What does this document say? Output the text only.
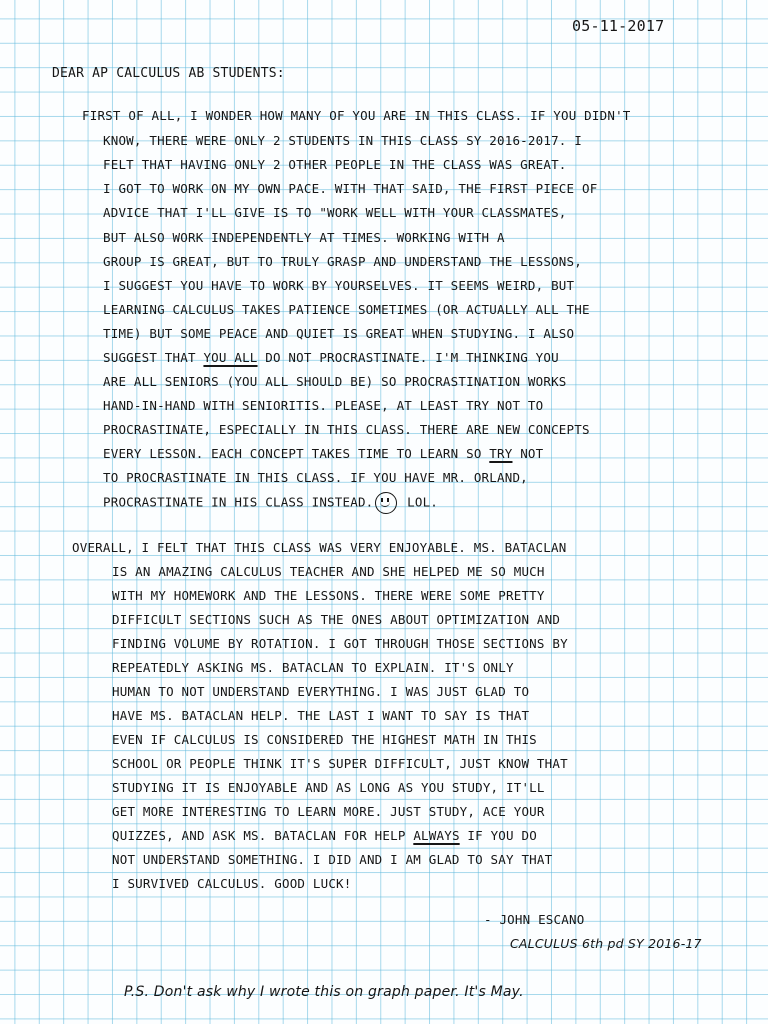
05-11-2017
DEAR AP CALCULUS AB STUDENTS:
FIRST OF ALL, I WONDER HOW MANY OF YOU ARE IN THIS CLASS. IF YOU DIDN'T
KNOW, THERE WERE ONLY 2 STUDENTS IN THIS CLASS SY 2016-2017. I
FELT THAT HAVING ONLY 2 OTHER PEOPLE IN THE CLASS WAS GREAT.
I GOT TO WORK ON MY OWN PACE. WITH THAT SAID, THE FIRST PIECE OF
ADVICE THAT I'LL GIVE IS TO "WORK WELL WITH YOUR CLASSMATES,
BUT ALSO WORK INDEPENDENTLY AT TIMES. WORKING WITH A
GROUP IS GREAT, BUT TO TRULY GRASP AND UNDERSTAND THE LESSONS,
I SUGGEST YOU HAVE TO WORK BY YOURSELVES. IT SEEMS WEIRD, BUT
LEARNING CALCULUS TAKES PATIENCE SOMETIMES (OR ACTUALLY ALL THE
TIME) BUT SOME PEACE AND QUIET IS GREAT WHEN STUDYING. I ALSO
SUGGEST THAT YOU ALL DO NOT PROCRASTINATE. I'M THINKING YOU
ARE ALL SENIORS (YOU ALL SHOULD BE) SO PROCRASTINATION WORKS
HAND-IN-HAND WITH SENIORITIS. PLEASE, AT LEAST TRY NOT TO
PROCRASTINATE, ESPECIALLY IN THIS CLASS. THERE ARE NEW CONCEPTS
EVERY LESSON. EACH CONCEPT TAKES TIME TO LEARN SO TRY NOT
TO PROCRASTINATE IN THIS CLASS. IF YOU HAVE MR. ORLAND,
PROCRASTINATE IN HIS CLASS INSTEAD. LOL.
OVERALL, I FELT THAT THIS CLASS WAS VERY ENJOYABLE. MS. BATACLAN
IS AN AMAZING CALCULUS TEACHER AND SHE HELPED ME SO MUCH
WITH MY HOMEWORK AND THE LESSONS. THERE WERE SOME PRETTY
DIFFICULT SECTIONS SUCH AS THE ONES ABOUT OPTIMIZATION AND
FINDING VOLUME BY ROTATION. I GOT THROUGH THOSE SECTIONS BY
REPEATEDLY ASKING MS. BATACLAN TO EXPLAIN. IT'S ONLY
HUMAN TO NOT UNDERSTAND EVERYTHING. I WAS JUST GLAD TO
HAVE MS. BATACLAN HELP. THE LAST I WANT TO SAY IS THAT
EVEN IF CALCULUS IS CONSIDERED THE HIGHEST MATH IN THIS
SCHOOL OR PEOPLE THINK IT'S SUPER DIFFICULT, JUST KNOW THAT
STUDYING IT IS ENJOYABLE AND AS LONG AS YOU STUDY, IT'LL
GET MORE INTERESTING TO LEARN MORE. JUST STUDY, ACE YOUR
QUIZZES, AND ASK MS. BATACLAN FOR HELP ALWAYS IF YOU DO
NOT UNDERSTAND SOMETHING. I DID AND I AM GLAD TO SAY THAT
I SURVIVED CALCULUS. GOOD LUCK!
- JOHN ESCANO
CALCULUS 6th pd SY 2016-17
P.S. Don't ask why I wrote this on graph paper. It's May.
